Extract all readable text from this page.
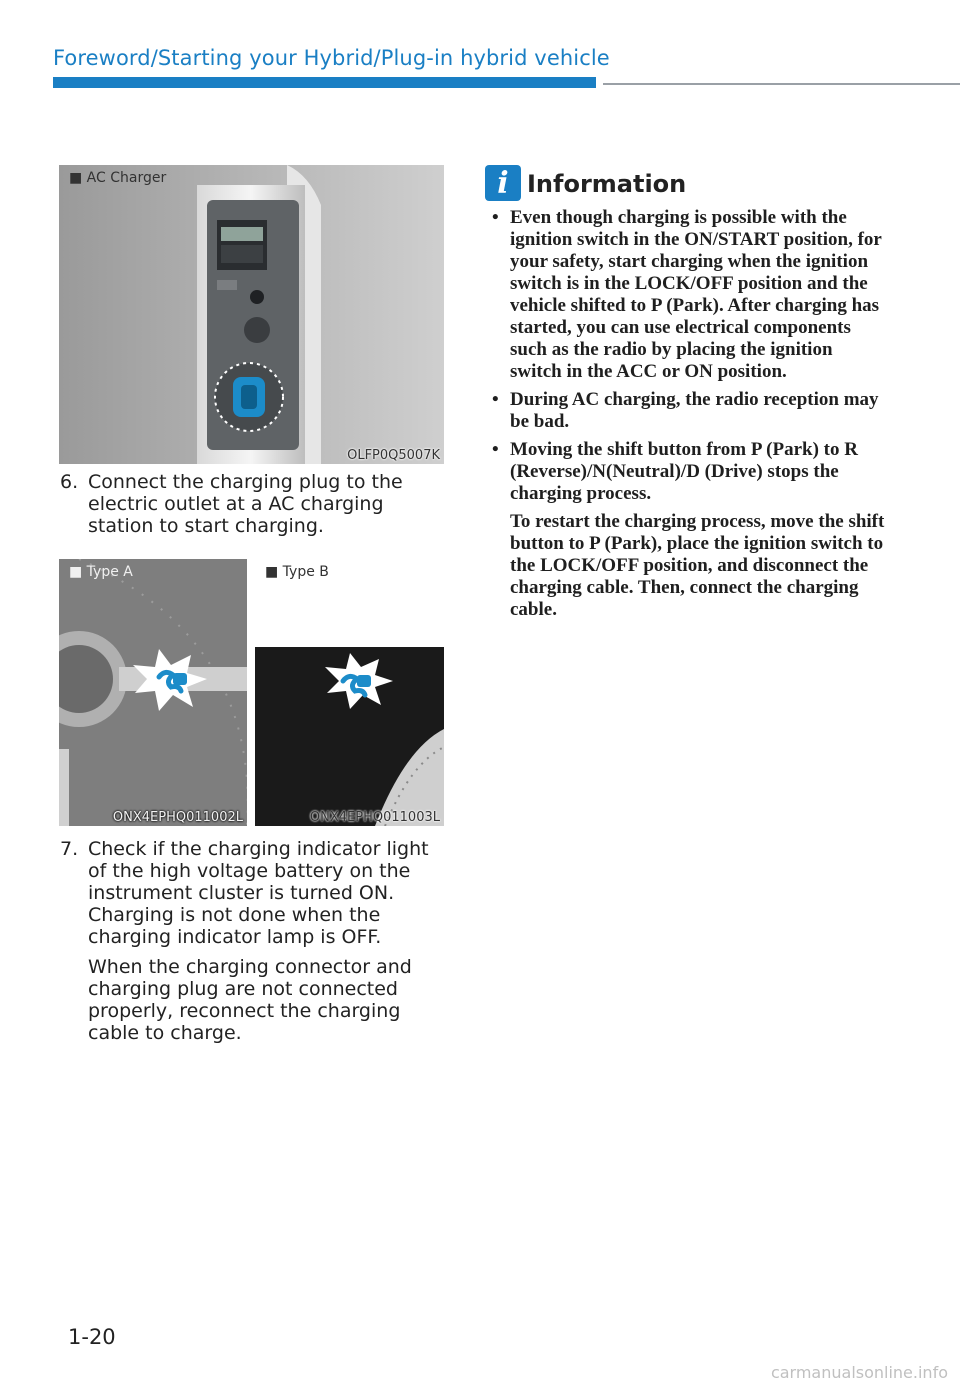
Foreword/Starting your Hybrid/Plug-in hybrid vehicle
■ AC Charger
OLFP0Q5007K
6. Connect the charging plug to the electric outlet at a AC charging station to start charging.

■ Type A
ONX4EPHQ011002L
■ Type B
ONX4EPHQ011003L
7. Check if the charging indicator light of the high voltage battery on the instrument cluster is turned ON. Charging is not done when the charging indicator lamp is OFF.

When the charging connector and charging plug are not connected properly, reconnect the charging cable to charge.

i Information
• Even though charging is possible with the ignition switch in the ON/START position, for your safety, start charging when the ignition switch is in the LOCK/OFF position and the vehicle shifted to P (Park). After charging has started, you can use electrical components such as the radio by placing the ignition switch in the ACC or ON position.

• During AC charging, the radio reception may be bad.

• Moving the shift button from P (Park) to R (Reverse)/N(Neutral)/D (Drive) stops the charging process.

To restart the charging process, move the shift button to P (Park), place the ignition switch to the LOCK/OFF position, and disconnect the charging cable. Then, connect the charging cable.

1-20
carmanualsonline.info
